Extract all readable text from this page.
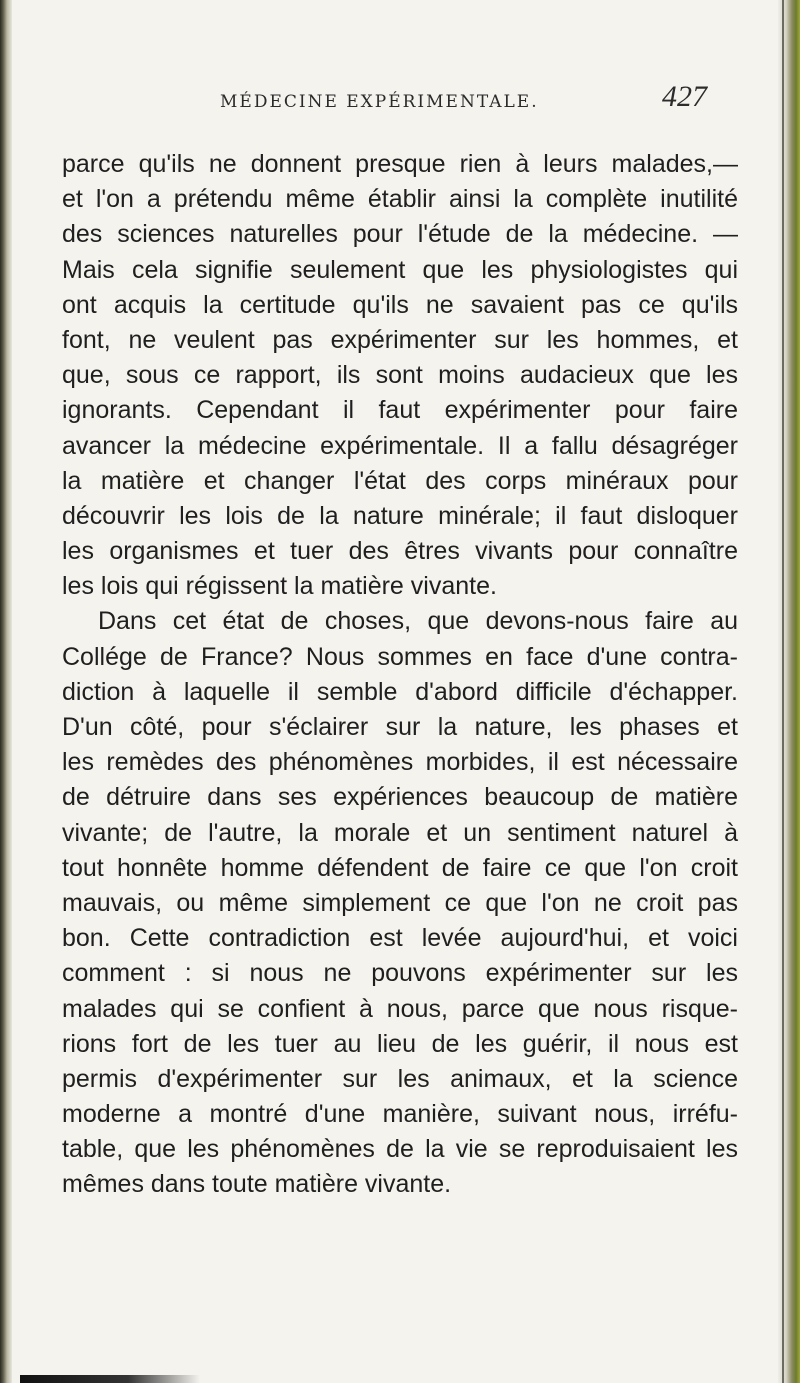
MÉDECINE EXPÉRIMENTALE.	427
parce qu'ils ne donnent presque rien à leurs malades,—
et l'on a prétendu même établir ainsi la complète inutilité
des sciences naturelles pour l'étude de la médecine. —
Mais cela signifie seulement que les physiologistes qui
ont acquis la certitude qu'ils ne savaient pas ce qu'ils
font, ne veulent pas expérimenter sur les hommes, et
que, sous ce rapport, ils sont moins audacieux que les
ignorants. Cependant il faut expérimenter pour faire
avancer la médecine expérimentale. Il a fallu désagréger
la matière et changer l'état des corps minéraux pour
découvrir les lois de la nature minérale; il faut disloquer
les organismes et tuer des êtres vivants pour connaître
les lois qui régissent la matière vivante.
Dans cet état de choses, que devons-nous faire au
Collége de France? Nous sommes en face d'une contra-
diction à laquelle il semble d'abord difficile d'échapper.
D'un côté, pour s'éclairer sur la nature, les phases et
les remèdes des phénomènes morbides, il est nécessaire
de détruire dans ses expériences beaucoup de matière
vivante; de l'autre, la morale et un sentiment naturel à
tout honnête homme défendent de faire ce que l'on croit
mauvais, ou même simplement ce que l'on ne croit pas
bon. Cette contradiction est levée aujourd'hui, et voici
comment : si nous ne pouvons expérimenter sur les
malades qui se confient à nous, parce que nous risque-
rions fort de les tuer au lieu de les guérir, il nous est
permis d'expérimenter sur les animaux, et la science
moderne a montré d'une manière, suivant nous, irréfu-
table, que les phénomènes de la vie se reproduisaient les
mêmes dans toute matière vivante.
